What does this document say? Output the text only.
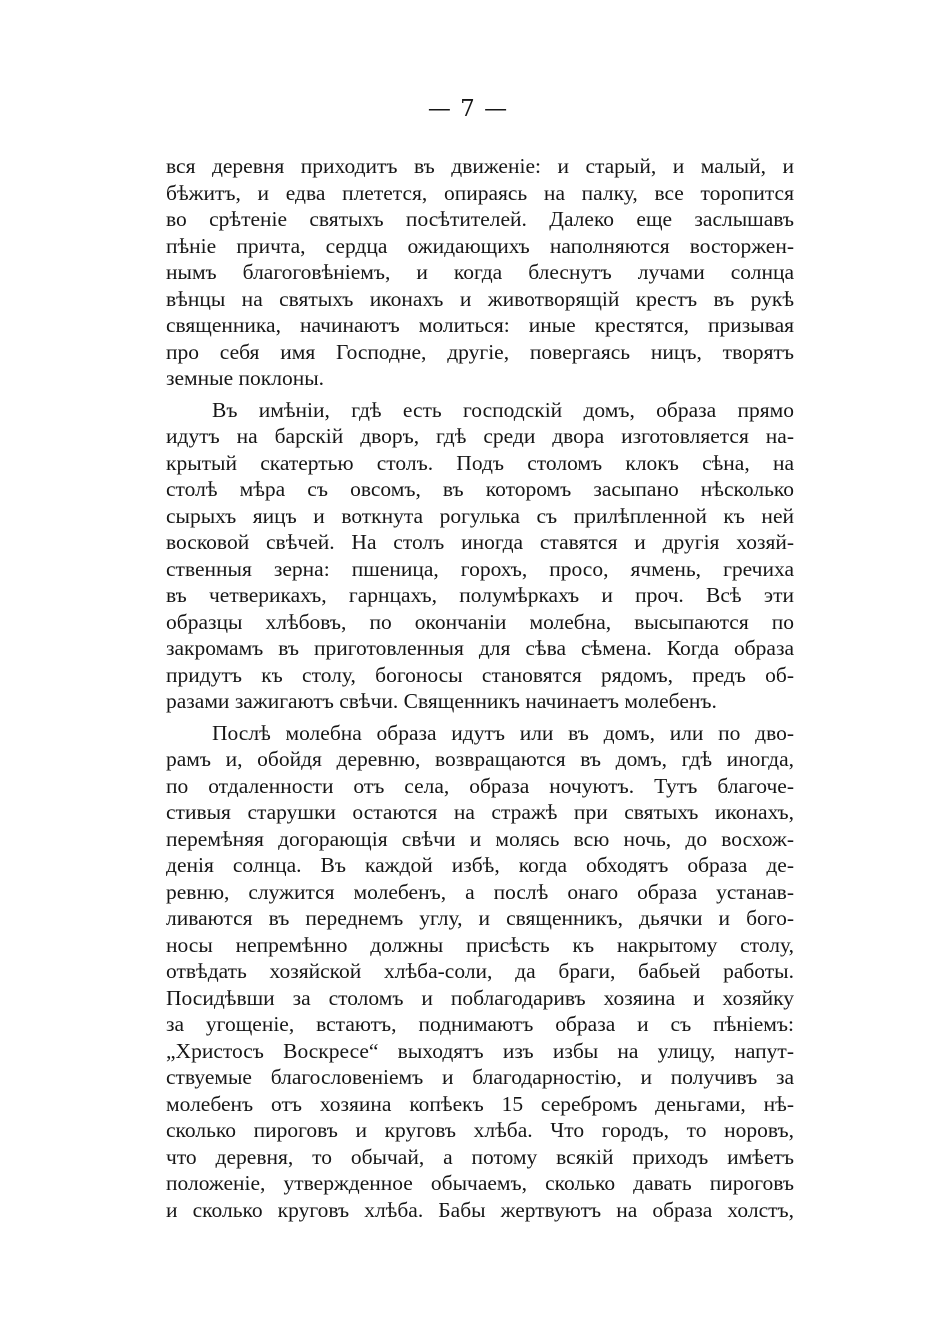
— 7 —
вся деревня приходитъ въ движенiе: и старый, и малый, и
бѣжитъ, и едва плетется, опираясь на палку, все торопится
во срѣтенiе святыхъ посѣтителей. Далеко еще заслышавъ
пѣнiе причта, сердца ожидающихъ наполняются восторжен-
нымъ благоговѣнiемъ, и когда блеснутъ лучами солнца
вѣнцы на святыхъ иконахъ и животворящiй крестъ въ рукѣ
священника, начинаютъ молиться: иные крестятся, призывая
про себя имя Господне, другiе, повергаясь ницъ, творятъ
земные поклоны.
Въ имѣнiи, гдѣ есть господскiй домъ, образа прямо
идутъ на барскiй дворъ, гдѣ среди двора изготовляется на-
крытый скатертью столъ. Подъ столомъ клокъ сѣна, на
столѣ мѣра съ овсомъ, въ которомъ засыпано нѣсколько
сырыхъ яицъ и воткнута рогулька съ прилѣпленной къ ней
восковой свѣчей. На столъ иногда ставятся и другiя хозяй-
ственныя зерна: пшеница, горохъ, просо, ячмень, гречиха
въ четверикахъ, гарнцахъ, полумѣркахъ и проч. Всѣ эти
образцы хлѣбовъ, по окончанiи молебна, высыпаются по
закромамъ въ приготовленныя для сѣва сѣмена. Когда образа
придутъ къ столу, богоносы становятся рядомъ, предъ об-
разами зажигаютъ свѣчи. Священникъ начинаетъ молебенъ.
Послѣ молебна образа идутъ или въ домъ, или по дво-
рамъ и, обойдя деревню, возвращаются въ домъ, гдѣ иногда,
по отдаленности отъ села, образа ночуютъ. Тутъ благоче-
стивыя старушки остаются на стражѣ при святыхъ иконахъ,
перемѣняя догорающiя свѣчи и молясь всю ночь, до восхож-
денiя солнца. Въ каждой избѣ, когда обходятъ образа де-
ревню, служится молебенъ, а послѣ онаго образа устанав-
ливаются въ переднемъ углу, и священникъ, дьячки и бого-
носы непремѣнно должны присѣсть къ накрытому столу,
отвѣдать хозяйской хлѣба-соли, да браги, бабьей работы.
Посидѣвши за столомъ и поблагодаривъ хозяина и хозяйку
за угощенiе, встаютъ, поднимаютъ образа и съ пѣнiемъ:
„Христосъ Воскресе“ выходятъ изъ избы на улицу, напут-
ствуемые благословенiемъ и благодарностiю, и получивъ за
молебенъ отъ хозяина копѣекъ 15 серебромъ деньгами, нѣ-
сколько пироговъ и круговъ хлѣба. Что городъ, то норовъ,
что деревня, то обычай, а потому всякiй приходъ имѣетъ
положенiе, утвержденное обычаемъ, сколько давать пироговъ
и сколько круговъ хлѣба. Бабы жертвуютъ на образа холстъ,
